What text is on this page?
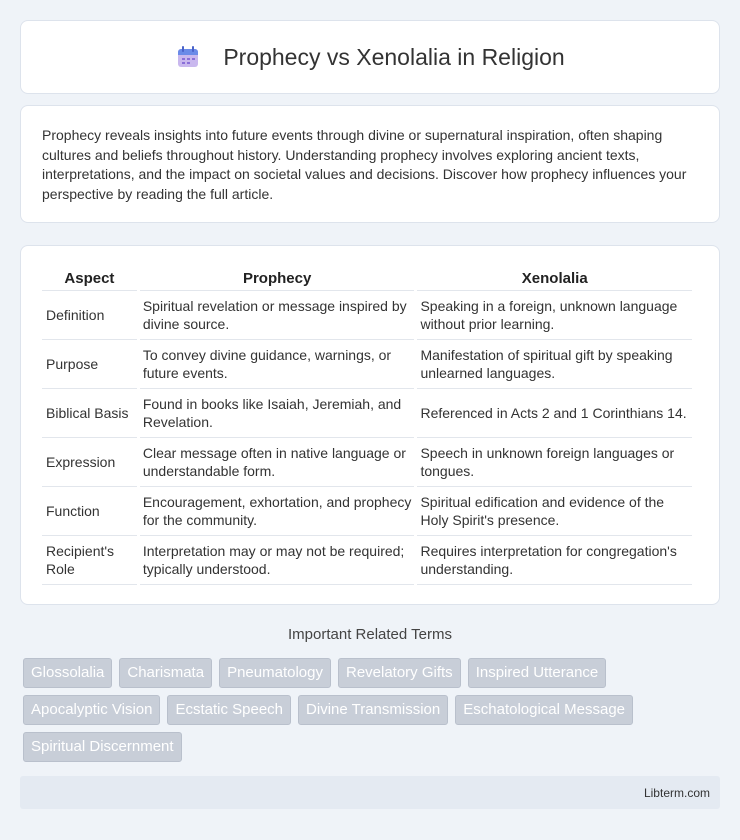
Prophecy vs Xenolalia in Religion

Prophecy reveals insights into future events through divine or supernatural inspiration, often shaping cultures and beliefs throughout history. Understanding prophecy involves exploring ancient texts, interpretations, and the impact on societal values and decisions. Discover how prophecy influences your perspective by reading the full article.

Aspect	Prophecy	Xenolalia
Definition	Spiritual revelation or message inspired by divine source.	Speaking in a foreign, unknown language without prior learning.
Purpose	To convey divine guidance, warnings, or future events.	Manifestation of spiritual gift by speaking unlearned languages.
Biblical Basis	Found in books like Isaiah, Jeremiah, and Revelation.	Referenced in Acts 2 and 1 Corinthians 14.
Expression	Clear message often in native language or understandable form.	Speech in unknown foreign languages or tongues.
Function	Encouragement, exhortation, and prophecy for the community.	Spiritual edification and evidence of the Holy Spirit's presence.
Recipient's Role	Interpretation may or may not be required; typically understood.	Requires interpretation for congregation's understanding.
Important Related Terms
Glossolalia	Charismata	Pneumatology	Revelatory Gifts	Inspired Utterance
Apocalyptic Vision	Ecstatic Speech	Divine Transmission	Eschatological Message
Spiritual Discernment
Libterm.com
